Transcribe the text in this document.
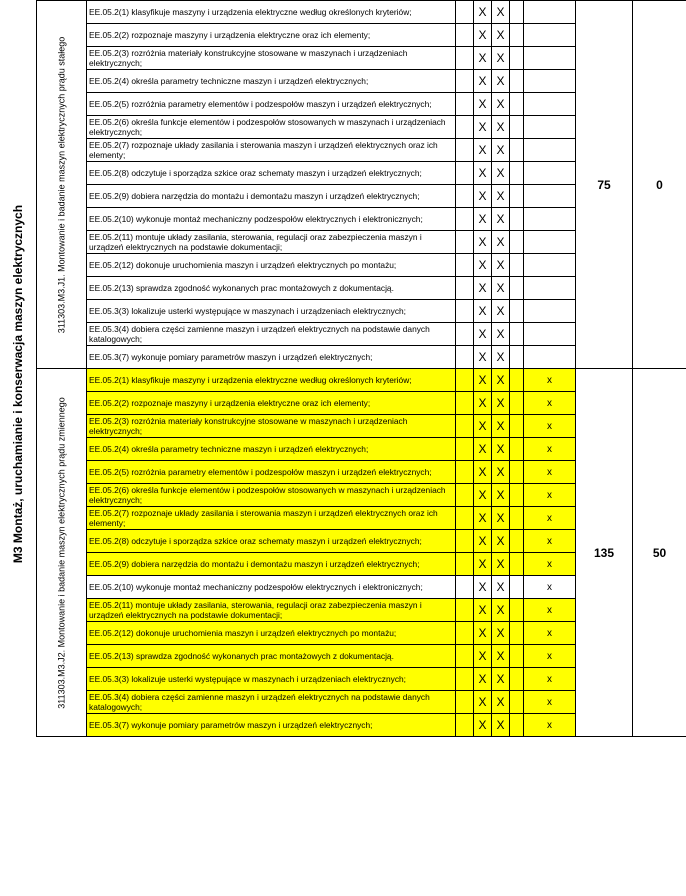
M3 Montaż, uruchamianie i konserwacja maszyn elektrycznych
311303.M3.J1. Montowanie i badanie maszyn elektrycznych prądu stałego	EE.05.2(1) klasyfikuje maszyny i urządzenia elektryczne według określonych kryteriów;		X	X			75	0
	EE.05.2(2) rozpoznaje maszyny i urządzenia elektryczne oraz ich elementy;		X	X				
	EE.05.2(3) rozróżnia materiały konstrukcyjne stosowane w maszynach i urządzeniach elektrycznych;		X	X				
	EE.05.2(4) określa parametry techniczne maszyn i urządzeń elektrycznych;		X	X				
	EE.05.2(5) rozróżnia parametry elementów i podzespołów maszyn i urządzeń elektrycznych;		X	X				
	EE.05.2(6) określa funkcje elementów i podzespołów stosowanych w maszynach i urządzeniach elektrycznych;		X	X				
	EE.05.2(7) rozpoznaje układy zasilania i sterowania maszyn i urządzeń elektrycznych oraz ich elementy;		X	X				
	EE.05.2(8) odczytuje i sporządza szkice oraz schematy maszyn i urządzeń elektrycznych;		X	X				
	EE.05.2(9) dobiera narzędzia do montażu i demontażu maszyn i urządzeń elektrycznych;		X	X				
	EE.05.2(10) wykonuje montaż mechaniczny podzespołów elektrycznych i elektronicznych;		X	X				
	EE.05.2(11) montuje układy zasilania, sterowania, regulacji oraz zabezpieczenia maszyn i urządzeń elektrycznych na podstawie dokumentacji;		X	X				
	EE.05.2(12) dokonuje uruchomienia maszyn i urządzeń elektrycznych po montażu;		X	X				
	EE.05.2(13) sprawdza zgodność wykonanych prac montażowych z dokumentacją.		X	X				
	EE.05.3(3) lokalizuje usterki występujące w maszynach i urządzeniach elektrycznych;		X	X				
	EE.05.3(4) dobiera części zamienne maszyn i urządzeń elektrycznych na podstawie danych katalogowych;		X	X				
	EE.05.3(7) wykonuje pomiary parametrów maszyn i urządzeń elektrycznych;		X	X				

311303.M3.J2. Montowanie i badanie maszyn elektrycznych prądu zmiennego	EE.05.2(1) klasyfikuje maszyny i urządzenia elektryczne według określonych kryteriów;		X	X		x	135	50
	EE.05.2(2) rozpoznaje maszyny i urządzenia elektryczne oraz ich elementy;		X	X		x		
	EE.05.2(3) rozróżnia materiały konstrukcyjne stosowane w maszynach i urządzeniach elektrycznych;		X	X		x		
	EE.05.2(4) określa parametry techniczne maszyn i urządzeń elektrycznych;		X	X		x		
	EE.05.2(5) rozróżnia parametry elementów i podzespołów maszyn i urządzeń elektrycznych;		X	X		x		
	EE.05.2(6) określa funkcje elementów i podzespołów stosowanych w maszynach i urządzeniach elektrycznych;		X	X		x		
	EE.05.2(7) rozpoznaje układy zasilania i sterowania maszyn i urządzeń elektrycznych oraz ich elementy;		X	X		x		
	EE.05.2(8) odczytuje i sporządza szkice oraz schematy maszyn i urządzeń elektrycznych;		X	X		x		
	EE.05.2(9) dobiera narzędzia do montażu i demontażu maszyn i urządzeń elektrycznych;		X	X		x		
	EE.05.2(10) wykonuje montaż mechaniczny podzespołów elektrycznych i elektronicznych;		X	X		x		
	EE.05.2(11) montuje układy zasilania, sterowania, regulacji oraz zabezpieczenia maszyn i urządzeń elektrycznych na podstawie dokumentacji;		X	X		x		
	EE.05.2(12) dokonuje uruchomienia maszyn i urządzeń elektrycznych po montażu;		X	X		x		
	EE.05.2(13) sprawdza zgodność wykonanych prac montażowych z dokumentacją.		X	X		x		
	EE.05.3(3) lokalizuje usterki występujące w maszynach i urządzeniach elektrycznych;		X	X		x		
	EE.05.3(4) dobiera części zamienne maszyn i urządzeń elektrycznych na podstawie danych katalogowych;		X	X		x		
	EE.05.3(7) wykonuje pomiary parametrów maszyn i urządzeń elektrycznych;		X	X		x		
